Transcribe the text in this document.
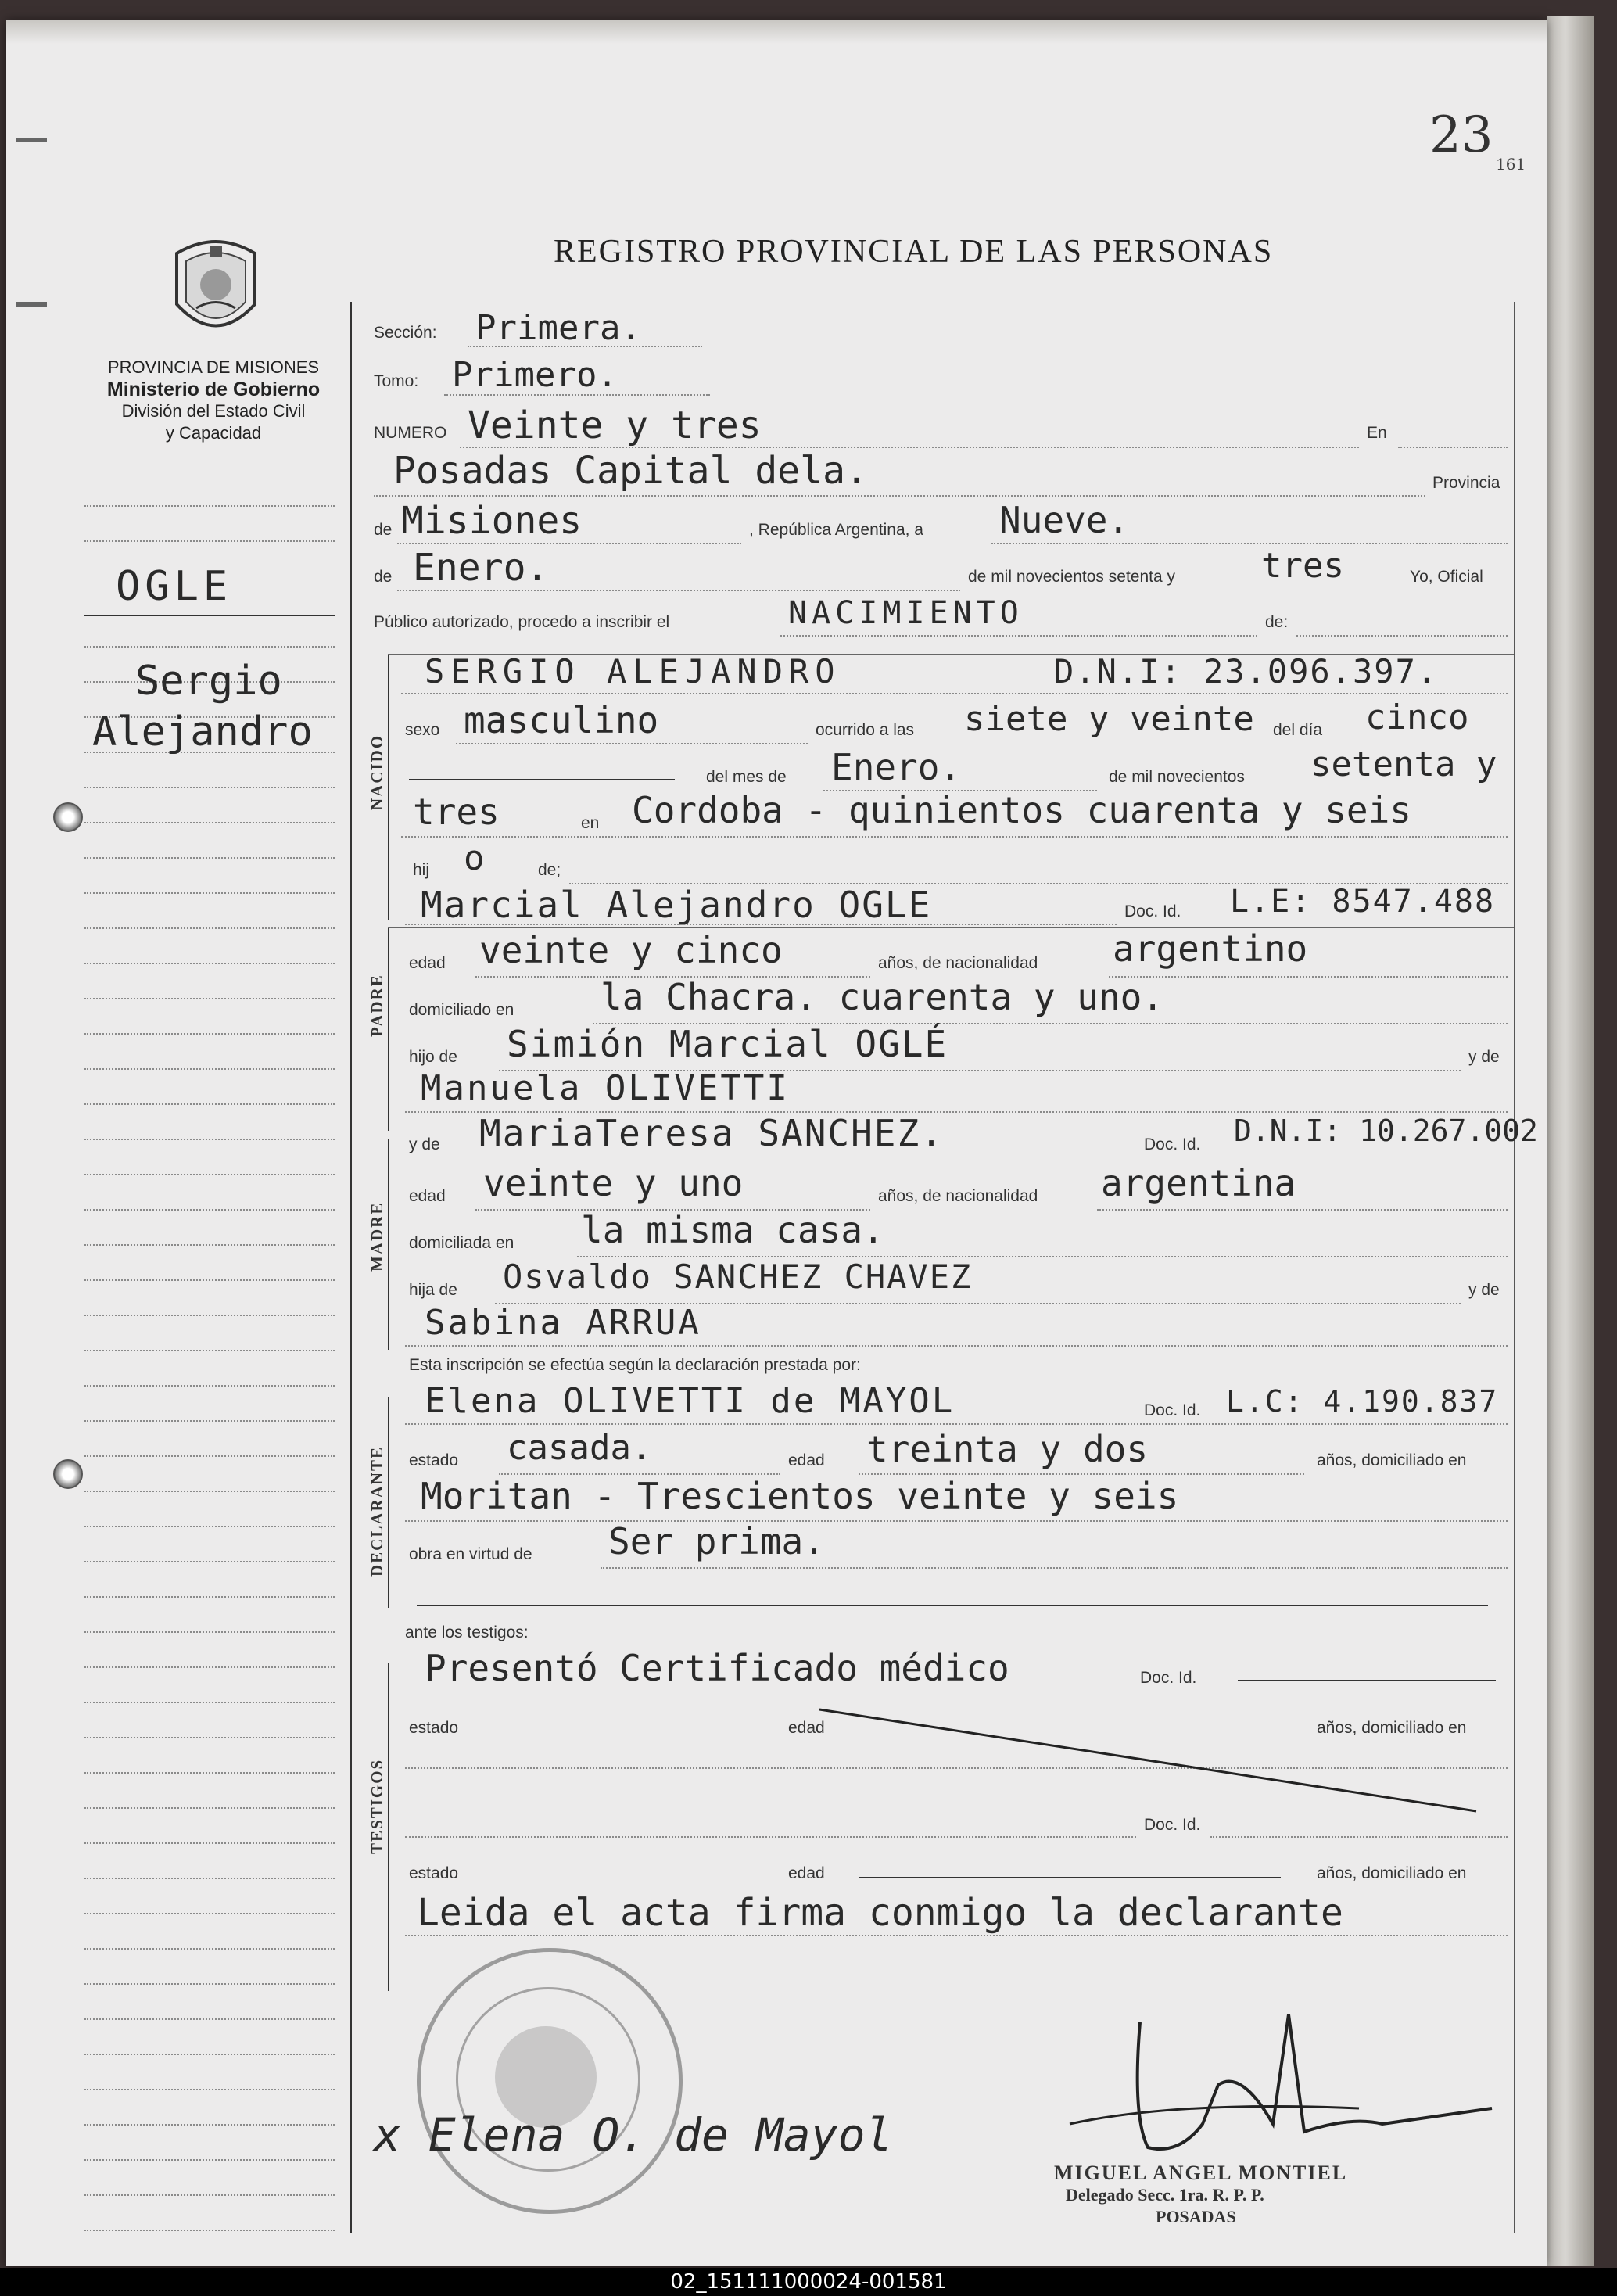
23 161
REGISTRO PROVINCIAL DE LAS PERSONAS
PROVINCIA DE MISIONES
Ministerio de Gobierno
División del Estado Civil
y Capacidad
OGLE
Sergio
Alejandro
NACIDO
PADRE
MADRE
DECLARANTE
TESTIGOS
Sección: Primera.
Tomo: Primero.
NUMERO Veinte y tres	En
Posadas Capital dela.	Provincia
de Misiones	, República Argentina, a Nueve.
de Enero.	de mil novecientos setenta y	tres	Yo, Oficial
Público autorizado, procedo a inscribir el	NACIMIENTO	de:
SERGIO ALEJANDRO	D.N.I: 23.096.397.
sexo masculino	ocurrido a las siete y veinte del día cinco
del mes de Enero.	de mil novecientos setenta y
tres	en Cordoba - quinientos cuarenta y seis
hij o	de;
Marcial Alejandro OGLE	Doc. Id. L.E: 8547.488
edad veinte y cinco	años, de nacionalidad argentino
domiciliado en la Chacra. cuarenta y uno.
hijo de Simión Marcial OGLÉ	y de
Manuela OLIVETTI
y de MariaTeresa SANCHEZ.	Doc. Id. D.N.I: 10.267.002
edad veinte y uno	años, de nacionalidad argentina
domiciliada en la misma casa.
hija de Osvaldo SANCHEZ CHAVEZ	y de
Sabina ARRUA
Esta inscripción se efectúa según la declaración prestada por:
Elena OLIVETTI de MAYOL	Doc. Id. L.C: 4.190.837
estado casada.	edad treinta y dos	años, domiciliado en
Moritan - Trescientos veinte y seis
obra en virtud de Ser prima.
ante los testigos:
Presentó Certificado médico	Doc. Id.
estado	edad	años, domiciliado en
Doc. Id.
estado	edad	años, domiciliado en
Leida el acta firma conmigo la declarante
x Elena O. de Mayol
MIGUEL ANGEL MONTIEL
Delegado Secc. 1ra. R. P. P.
POSADAS
02_151111000024-001581
